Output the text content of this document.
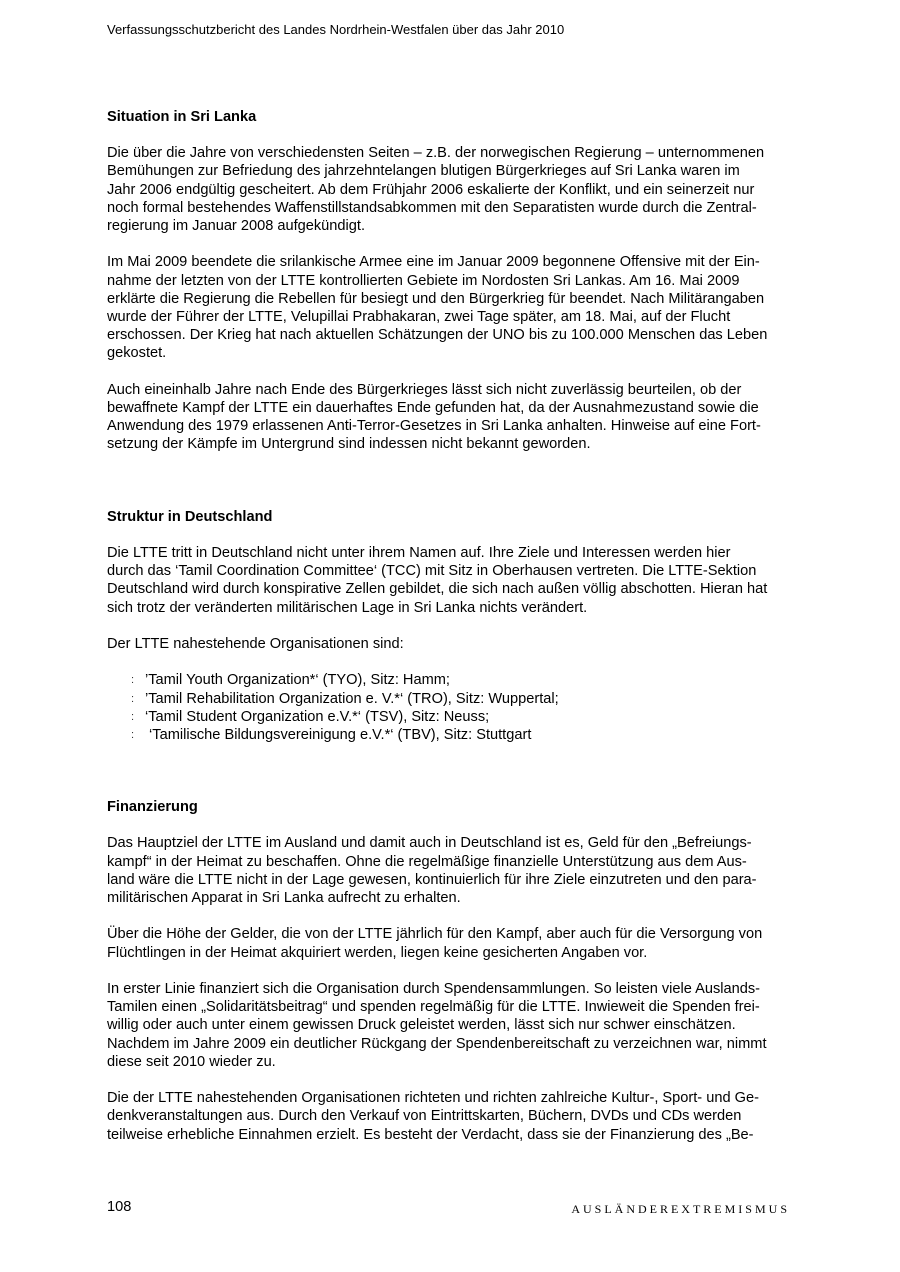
Verfassungsschutzbericht des Landes Nordrhein-Westfalen über das Jahr 2010
Situation in Sri Lanka

Die über die Jahre von verschiedensten Seiten – z.B. der norwegischen Regierung – unternommenen
Bemühungen zur Befriedung des jahrzehntelangen blutigen Bürgerkrieges auf Sri Lanka waren im
Jahr 2006 endgültig gescheitert. Ab dem Frühjahr 2006 eskalierte der Konflikt, und ein seinerzeit nur
noch formal bestehendes Waffenstillstandsabkommen mit den Separatisten wurde durch die Zentral-
regierung im Januar 2008 aufgekündigt.

Im Mai 2009 beendete die srilankische Armee eine im Januar 2009 begonnene Offensive mit der Ein-
nahme der letzten von der LTTE kontrollierten Gebiete im Nordosten Sri Lankas. Am 16. Mai 2009
erklärte die Regierung die Rebellen für besiegt und den Bürgerkrieg für beendet. Nach Militärangaben
wurde der Führer der LTTE, Velupillai Prabhakaran, zwei Tage später, am 18. Mai, auf der Flucht
erschossen. Der Krieg hat nach aktuellen Schätzungen der UNO bis zu 100.000 Menschen das Leben
gekostet.

Auch eineinhalb Jahre nach Ende des Bürgerkrieges lässt sich nicht zuverlässig beurteilen, ob der
bewaffnete Kampf der LTTE ein dauerhaftes Ende gefunden hat, da der Ausnahmezustand sowie die
Anwendung des 1979 erlassenen Anti-Terror-Gesetzes in Sri Lanka anhalten. Hinweise auf eine Fort-
setzung der Kämpfe im Untergrund sind indessen nicht bekannt geworden.

Struktur in Deutschland

Die LTTE tritt in Deutschland nicht unter ihrem Namen auf. Ihre Ziele und Interessen werden hier
durch das ‘Tamil Coordination Committee‘ (TCC) mit Sitz in Oberhausen vertreten. Die LTTE-Sektion
Deutschland wird durch konspirative Zellen gebildet, die sich nach außen völlig abschotten. Hieran hat
sich trotz der veränderten militärischen Lage in Sri Lanka nichts verändert.

Der LTTE nahestehende Organisationen sind:

: ’Tamil Youth Organization*‘ (TYO), Sitz: Hamm;
: ’Tamil Rehabilitation Organization e. V.*‘ (TRO), Sitz: Wuppertal;
: ‘Tamil Student Organization e.V.*‘ (TSV), Sitz: Neuss;
: ‘Tamilische Bildungsvereinigung e.V.*‘ (TBV), Sitz: Stuttgart
Finanzierung

Das Hauptziel der LTTE im Ausland und damit auch in Deutschland ist es, Geld für den „Befreiungs-
kampf“ in der Heimat zu beschaffen. Ohne die regelmäßige finanzielle Unterstützung aus dem Aus-
land wäre die LTTE nicht in der Lage gewesen, kontinuierlich für ihre Ziele einzutreten und den para-
militärischen Apparat in Sri Lanka aufrecht zu erhalten.

Über die Höhe der Gelder, die von der LTTE jährlich für den Kampf, aber auch für die Versorgung von
Flüchtlingen in der Heimat akquiriert werden, liegen keine gesicherten Angaben vor.

In erster Linie finanziert sich die Organisation durch Spendensammlungen. So leisten viele Auslands-
Tamilen einen „Solidaritätsbeitrag“ und spenden regelmäßig für die LTTE. Inwieweit die Spenden frei-
willig oder auch unter einem gewissen Druck geleistet werden, lässt sich nur schwer einschätzen.
Nachdem im Jahre 2009 ein deutlicher Rückgang der Spendenbereitschaft zu verzeichnen war, nimmt
diese seit 2010 wieder zu.

Die der LTTE nahestehenden Organisationen richteten und richten zahlreiche Kultur-, Sport- und Ge-
denkveranstaltungen aus. Durch den Verkauf von Eintrittskarten, Büchern, DVDs und CDs werden
teilweise erhebliche Einnahmen erzielt. Es besteht der Verdacht, dass sie der Finanzierung des „Be-

108	AUSLÄNDEREXTREMISMUS
